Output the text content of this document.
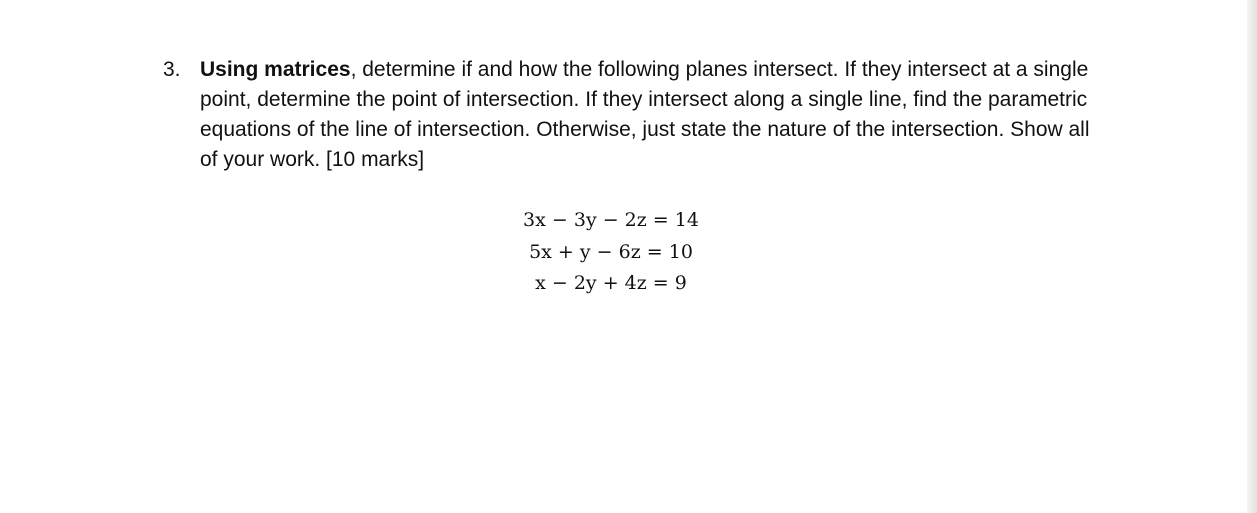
3. Using matrices, determine if and how the following planes intersect. If they intersect at a single point, determine the point of intersection. If they intersect along a single line, find the parametric equations of the line of intersection. Otherwise, just state the nature of the intersection. Show all of your work. [10 marks]
3x − 3y − 2z = 14
5x + y − 6z = 10
x − 2y + 4z = 9
